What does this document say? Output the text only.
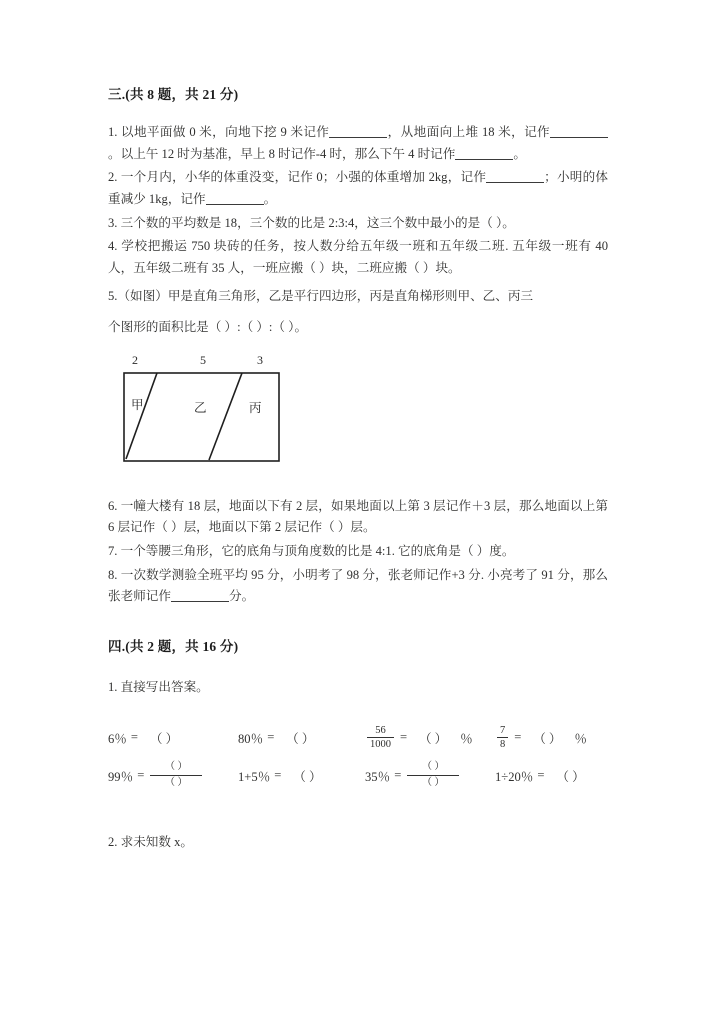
三.(共 8 题，共 21 分)

1. 以地平面做 0 米，向地下挖 9 米记作	，从地面向上堆 18 米，记作。以上午 12 时为基准，早上 8 时记作-4 时，那么下午 4 时记作	。

2. 一个月内，小华的体重没变，记作 0；小强的体重增加 2kg，记作	；小明的体重减少 1kg，记作	。

3. 三个数的平均数是 18，三个数的比是 2:3:4，这三个数中最小的是（ ）。

4. 学校把搬运 750 块砖的任务，按人数分给五年级一班和五年级二班. 五年级一班有 40 人，五年级二班有 35 人，一班应搬（ ）块，二班应搬（ ）块。

5.（如图）甲是直角三角形，乙是平行四边形，丙是直角梯形则甲、乙、丙三

个图形的面积比是（ ）:（ ）:（ ）。

2	5	3
甲	乙	丙

6. 一幢大楼有 18 层，地面以下有 2 层，如果地面以上第 3 层记作＋3 层，那么地面以上第 6 层记作（ ）层，地面以下第 2 层记作（ ）层。

7. 一个等腰三角形，它的底角与顶角度数的比是 4:1. 它的底角是（ ）度。

8. 一次数学测验全班平均 95 分，小明考了 98 分，张老师记作+3 分. 小亮考了 91 分，那么张老师记作	分。

四.(共 2 题，共 16 分)

1. 直接写出答案。

6％ = （ ）	80％ = （ ）	$\frac{56}{1000}$ = （ ）	％ $\frac{7}{8}$ = （ ）	％
99％ = $\frac{( )}{( )}$	1+5％ = （ ）	35％ = $\frac{( )}{( )}$	1÷20％ = （ ）

2. 求未知数 x。
